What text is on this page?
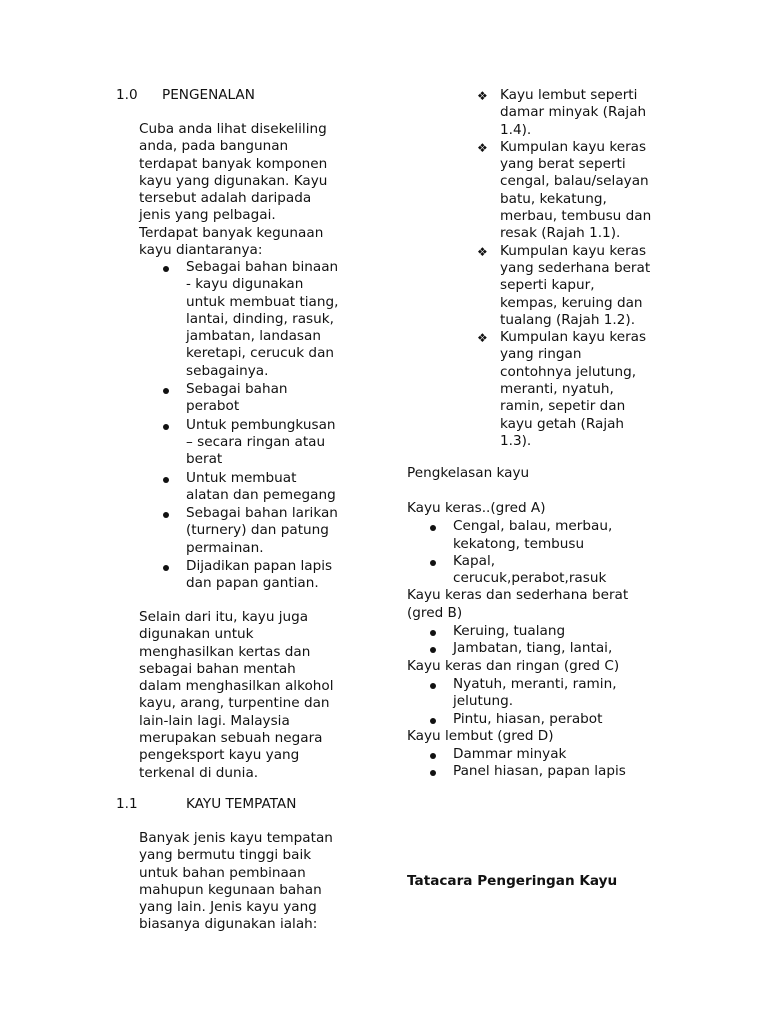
1.0 PENGENALAN

Cuba anda lihat disekeliling

anda, pada bangunan

terdapat banyak komponen

kayu yang digunakan. Kayu

tersebut adalah daripada

jenis yang pelbagai.

Terdapat banyak kegunaan

kayu diantaranya:

Sebagai bahan binaan

- kayu digunakan

untuk membuat tiang,

lantai, dinding, rasuk,

jambatan, landasan

keretapi, cerucuk dan

sebagainya.

Sebagai bahan

perabot

Untuk pembungkusan

– secara ringan atau

berat

Untuk membuat

alatan dan pemegang

Sebagai bahan larikan

(turnery) dan patung

permainan.

Dijadikan papan lapis

dan papan gantian.

Selain dari itu, kayu juga

digunakan untuk

menghasilkan kertas dan

sebagai bahan mentah

dalam menghasilkan alkohol

kayu, arang, turpentine dan

lain-lain lagi. Malaysia

merupakan sebuah negara

pengeksport kayu yang

terkenal di dunia.

1.1	KAYU TEMPATAN

Banyak jenis kayu tempatan

yang bermutu tinggi baik

untuk bahan pembinaan

mahupun kegunaan bahan

yang lain. Jenis kayu yang

biasanya digunakan ialah:

❖ Kayu lembut seperti

damar minyak (Rajah

1.4).

❖ Kumpulan kayu keras

yang berat seperti

cengal, balau/selayan

batu, kekatung,

merbau, tembusu dan

resak (Rajah 1.1).

❖ Kumpulan kayu keras

yang sederhana berat

seperti kapur,

kempas, keruing dan

tualang (Rajah 1.2).

❖ Kumpulan kayu keras

yang ringan

contohnya jelutung,

meranti, nyatuh,

ramin, sepetir dan

kayu getah (Rajah

1.3).

Pengkelasan kayu

Kayu keras..(gred A)

Cengal, balau, merbau,

kekatong, tembusu

Kapal,

cerucuk,perabot,rasuk

Kayu keras dan sederhana berat

(gred B)

Keruing, tualang

Jambatan, tiang, lantai,

Kayu keras dan ringan (gred C)

Nyatuh, meranti, ramin,

jelutung.

Pintu, hiasan, perabot

Kayu lembut (gred D)

Dammar minyak

Panel hiasan, papan lapis

Tatacara Pengeringan Kayu
